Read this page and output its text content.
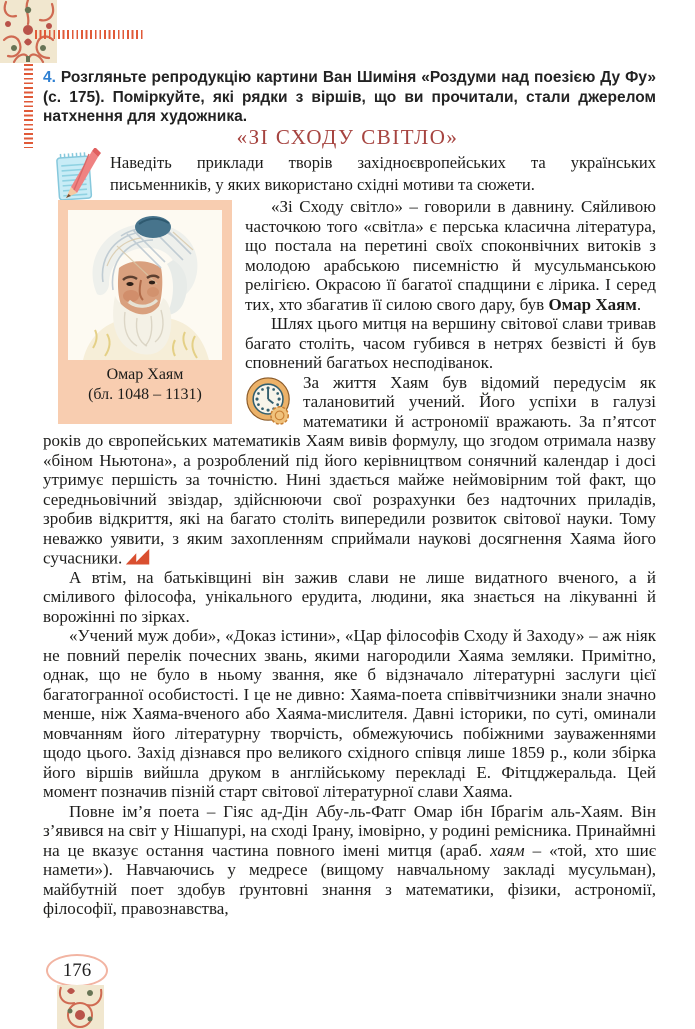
4. Розгляньте репродукцію картини Ван Шиміня «Роздуми над поезією Ду Фу» (с. 175). Поміркуйте, які рядки з віршів, що ви прочитали, стали джерелом натхнення для художника.

«ЗІ СХОДУ СВІТЛО»

Наведіть приклади творів західноєвропейських та українських письменників, у яких використано східні мотиви та сюжети.

Омар Хаям
(бл. 1048 – 1131)

«Зі Сходу світло» – говорили в давнину. Сяйливою часточкою того «світла» є перська класична література, що постала на перетині своїх споконвічних витоків з молодою арабською писемністю й мусульманською релігією. Окрасою її багатої спадщини є лірика. І серед тих, хто збагатив її силою свого дару, був Омар Хаям.

Шлях цього митця на вершину світової слави тривав багато століть, часом губився в нетрях безвісті й був сповнений багатьох несподіванок.

За життя Хаям був відомий передусім як талановитий учений. Його успіхи в галузі математики й астрономії вражають. За п’ятсот років до європейських математиків Хаям вивів формулу, що згодом отримала назву «біном Ньютона», а розроблений під його керівництвом сонячний календар і досі утримує першість за точністю. Нині здається майже неймовірним той факт, що середньовічний звіздар, здійснюючи свої розрахунки без надточних приладів, зробив відкриття, які на багато століть випередили розвиток світової науки. Тому неважко уявити, з яким захопленням сприймали наукові досягнення Хаяма його сучасники.

А втім, на батьківщині він зажив слави не лише видатного вченого, а й сміливого філософа, унікального ерудита, людини, яка знається на лікуванні й ворожінні по зірках.

«Учений муж доби», «Доказ істини», «Цар філософів Сходу й Заходу» – аж ніяк не повний перелік почесних звань, якими нагородили Хаяма земляки. Примітно, однак, що не було в ньому звання, яке б відзначало літературні заслуги цієї багатогранної особистості. І це не дивно: Хаяма-поета співвітчизники знали значно менше, ніж Хаяма-вченого або Хаяма-мислителя. Давні історики, по суті, оминали мовчанням його літературну творчість, обмежуючись побіжними зауваженнями щодо цього. Захід дізнався про великого східного співця лише 1859 р., коли збірка його віршів вийшла друком в англійському перекладі Е. Фітцджеральда. Цей момент позначив пізній старт світової літературної слави Хаяма.

Повне ім’я поета – Гіяс ад-Дін Абу-ль-Фатг Омар ібн Ібрагім аль-Хаям. Він з’явився на світ у Нішапурі, на сході Ірану, імовірно, у родині ремісника. Принаймні на це вказує остання частина повного імені митця (араб. хаям – «той, хто шиє намети»). Навчаючись у медресе (вищому навчальному закладі мусульман), майбутній поет здобув ґрунтовні знання з математики, фізики, астрономії, філософії, правознавства,

176
